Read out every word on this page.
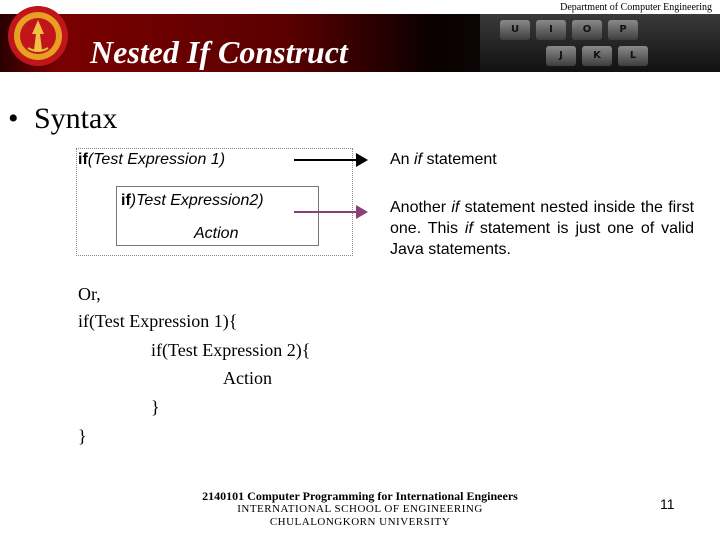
Department of Computer Engineering
U	I	O	P
J	K	L
Nested If Construct
• Syntax
if(Test Expression 1)
if)Test Expression2)
Action
An if statement
Another if statement nested inside the first one. This if statement is just one of valid Java statements.
Or,
if(Test Expression 1){
if(Test Expression 2){
Action
}
}
2140101 Computer Programming for International Engineers
INTERNATIONAL SCHOOL OF ENGINEERING
CHULALONGKORN UNIVERSITY
11
